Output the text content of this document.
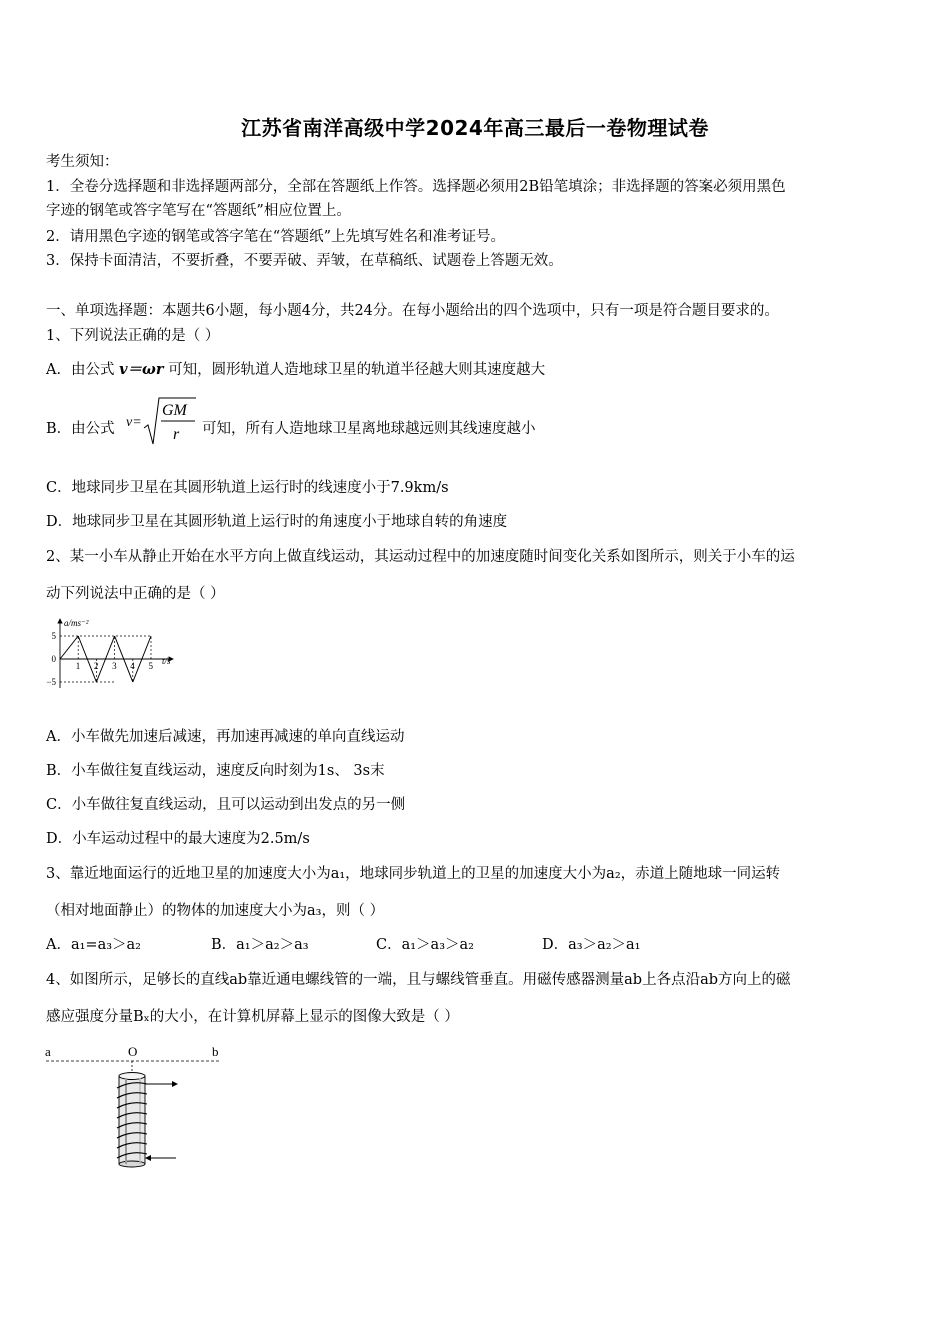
江苏省南洋高级中学2024年高三最后一卷物理试卷
考生须知：
1．全卷分选择题和非选择题两部分，全部在答题纸上作答。选择题必须用2B铅笔填涂；非选择题的答案必须用黑色
字迹的钢笔或答字笔写在“答题纸”相应位置上。
2．请用黑色字迹的钢笔或答字笔在“答题纸”上先填写姓名和准考证号。
3．保持卡面清洁，不要折叠，不要弄破、弄皱，在草稿纸、试题卷上答题无效。
一、单项选择题：本题共6小题，每小题4分，共24分。在每小题给出的四个选项中，只有一项是符合题目要求的。
1、下列说法正确的是（ ）
A．由公式 v＝ωr 可知，圆形轨道人造地球卫星的轨道半径越大则其速度越大
B．由公式 v=
GM
r 可知，所有人造地球卫星离地球越远则其线速度越小
C．地球同步卫星在其圆形轨道上运行时的线速度小于7.9km/s
D．地球同步卫星在其圆形轨道上运行时的角速度小于地球自转的角速度
2、某一小车从静止开始在水平方向上做直线运动，其运动过程中的加速度随时间变化关系如图所示，则关于小车的运
动下列说法中正确的是（ ）
1 2 3 4 5
5
0
−5
a/ms⁻²
t/s
A．小车做先加速后减速，再加速再减速的单向直线运动
B．小车做往复直线运动，速度反向时刻为1s、 3s末
C．小车做往复直线运动，且可以运动到出发点的另一侧
D．小车运动过程中的最大速度为2.5m/s
3、靠近地面运行的近地卫星的加速度大小为a₁，地球同步轨道上的卫星的加速度大小为a₂，赤道上随地球一同运转
（相对地面静止）的物体的加速度大小为a₃，则（ ）
A．a₁=a₃＞a₂	B．a₁＞a₂＞a₃	C．a₁＞a₃＞a₂	D．a₃＞a₂＞a₁
4、如图所示，足够长的直线ab靠近通电螺线管的一端，且与螺线管垂直。用磁传感器测量ab上各点沿ab方向上的磁
感应强度分量Bₓ的大小，在计算机屏幕上显示的图像大致是（ ）
a	O	b
